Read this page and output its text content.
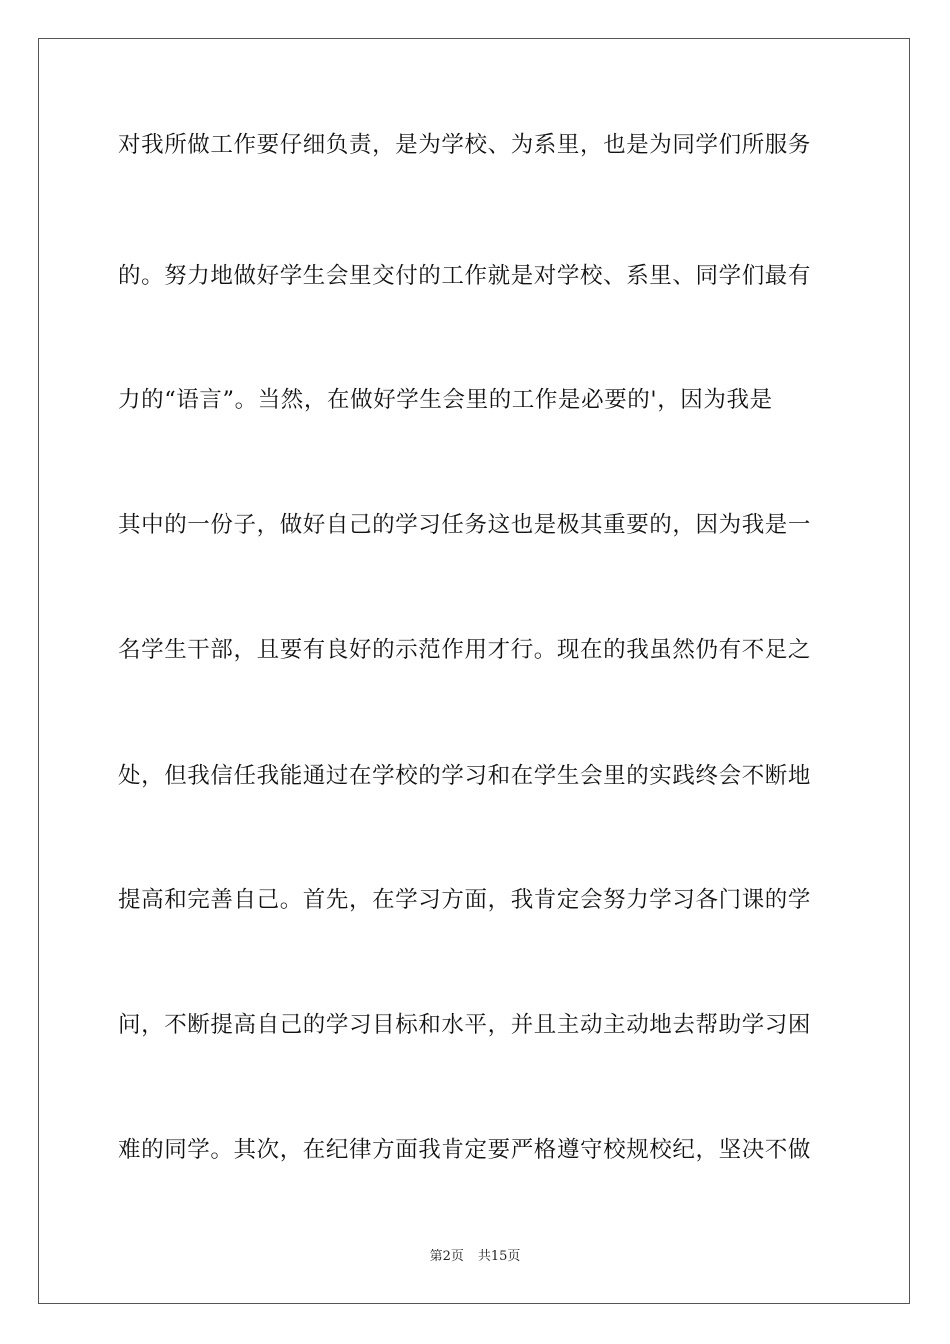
对我所做工作要仔细负责，是为学校、为系里，也是为同学们所服务
的。努力地做好学生会里交付的工作就是对学校、系里、同学们最有
力的“语言”。当然，在做好学生会里的工作是必要的'，因为我是
其中的一份子，做好自己的学习任务这也是极其重要的，因为我是一
名学生干部，且要有良好的示范作用才行。现在的我虽然仍有不足之
处，但我信任我能通过在学校的学习和在学生会里的实践终会不断地
提高和完善自己。首先，在学习方面，我肯定会努力学习各门课的学
问，不断提高自己的学习目标和水平，并且主动主动地去帮助学习困
难的同学。其次，在纪律方面我肯定要严格遵守校规校纪，坚决不做
第2页 共15页
